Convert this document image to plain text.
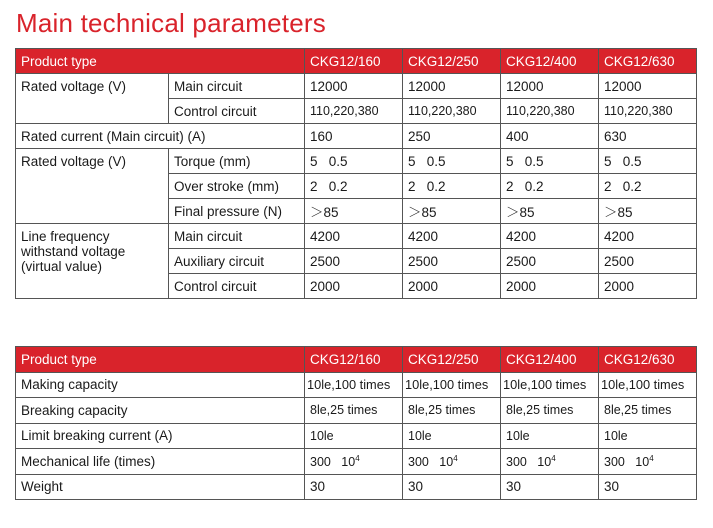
Main technical parameters
Product type		CKG12/160	CKG12/250	CKG12/400	CKG12/630
Rated voltage (V)	Main circuit	12000	12000	12000	12000
	Control circuit	110,220,380	110,220,380	110,220,380	110,220,380
Rated current (Main circuit) (A)		160	250	400	630
Rated voltage (V)	Torque (mm)	5   0.5	5   0.5	5   0.5	5   0.5
	Over stroke (mm)	2   0.2	2   0.2	2   0.2	2   0.2
	Final pressure (N)	＞85	＞85	＞85	＞85
Line frequency withstand voltage (virtual value)	Main circuit	4200	4200	4200	4200
	Auxiliary circuit	2500	2500	2500	2500
	Control circuit	2000	2000	2000	2000
Product type	CKG12/160	CKG12/250	CKG12/400	CKG12/630
Making capacity	10le,100 times	10le,100 times	10le,100 times	10le,100 times
Breaking capacity	8le,25 times	8le,25 times	8le,25 times	8le,25 times
Limit breaking current (A)	10le	10le	10le	10le
Mechanical life (times)	300   $10^4$	300   $10^4$	300   $10^4$	300   $10^4$
Weight	30	30	30	30
